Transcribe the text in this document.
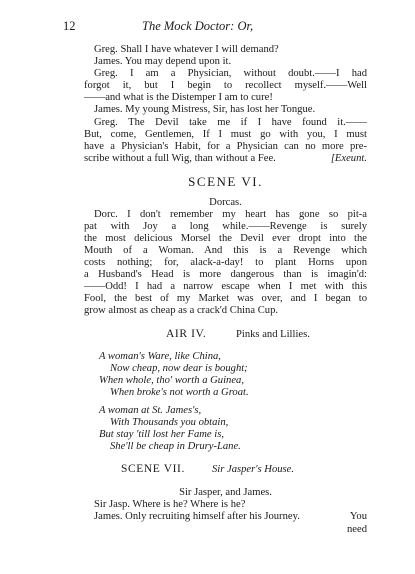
12	The Mock Doctor: Or,
Greg. Shall I have whatever I will demand?
James. You may depend upon it.
Greg. I am a Physician, without doubt.——I had
forgot it, but I begin to recollect myself.——Well
——and what is the Distemper I am to cure!
James. My young Mistress, Sir, has lost her Tongue.
Greg. The Devil take me if I have found it.——
But, come, Gentlemen, If I must go with you, I must
have a Physician's Habit, for a Physician can no more pre-
scribe without a full Wig, than without a Fee.	[Exeunt.
SCENE VI.
Dorcas.
Dorc. I don't remember my heart has gone so pit-a
pat with Joy a long while.——Revenge is surely
the most delicious Morsel the Devil ever dropt into the
Mouth of a Woman. And this is a Revenge which
costs nothing; for, alack-a-day! to plant Horns upon
a Husband's Head is more dangerous than is imagin'd:
——Odd! I had a narrow escape when I met with this
Fool, the best of my Market was over, and I began to
grow almost as cheap as a crack'd China Cup.
AIR IV.	Pinks and Lillies.
A woman's Ware, like China,
Now cheap, now dear is bought;
When whole, tho' worth a Guinea,
When broke's not worth a Groat.
A woman at St. James's,
With Thousands you obtain,
But stay 'till lost her Fame is,
She'll be cheap in Drury-Lane.
SCENE VII.	Sir Jasper's House.
Sir Jasper, and James.
Sir Jasp. Where is he? Where is he?
James. Only recruiting himself after his Journey.	You
need
